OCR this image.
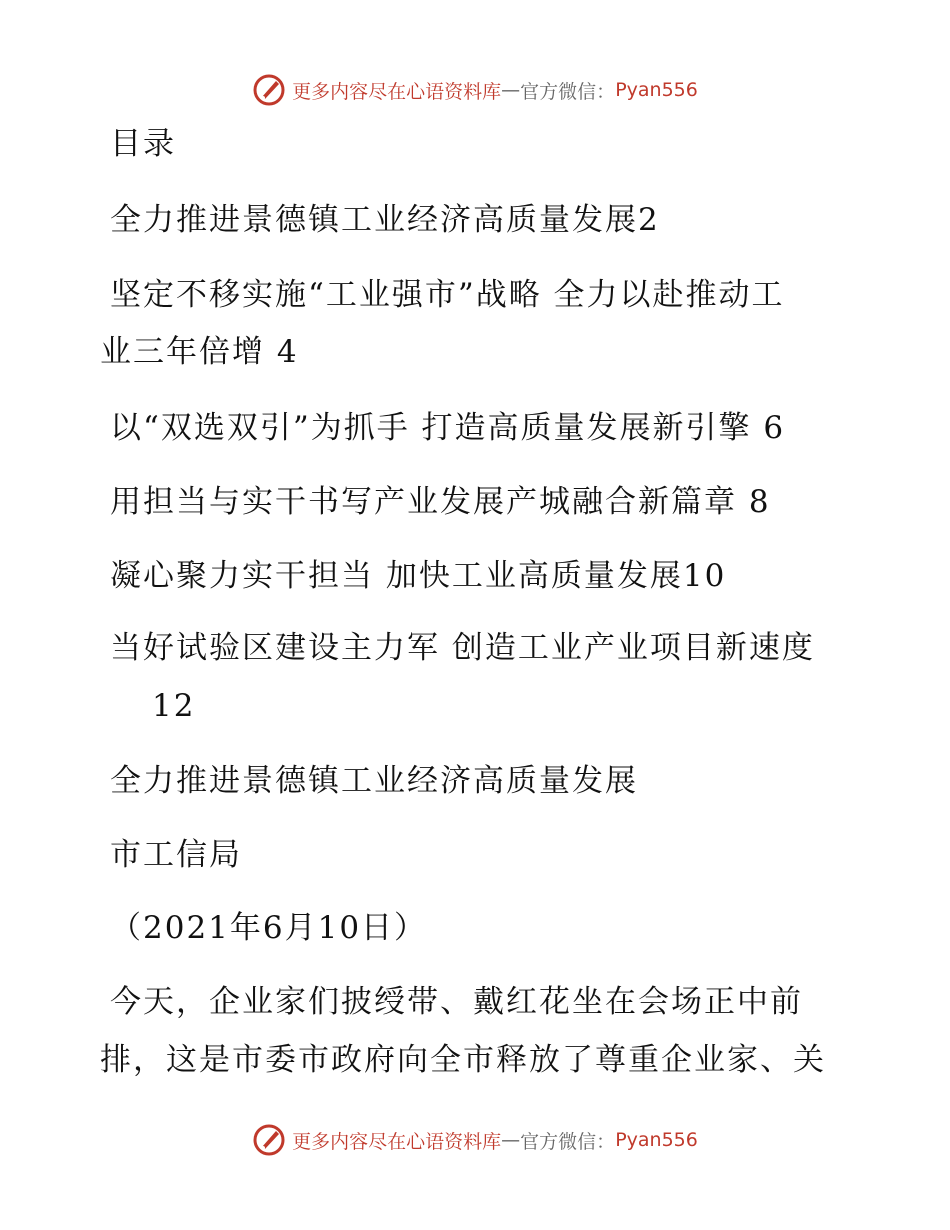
更多内容尽在心语资料库 — 官方微信： Pyan556
目录
全力推进景德镇工业经济高质量发展2
坚定不移实施“工业强市”战略 全力以赴推动工
业三年倍增 4
以“双选双引”为抓手 打造高质量发展新引擎 6
用担当与实干书写产业发展产城融合新篇章 8
凝心聚力实干担当 加快工业高质量发展10
当好试验区建设主力军 创造工业产业项目新速度
12
全力推进景德镇工业经济高质量发展
市工信局
（2021年6月10日）
今天，企业家们披绶带、戴红花坐在会场正中前
排，这是市委市政府向全市释放了尊重企业家、关
更多内容尽在心语资料库 — 官方微信： Pyan556
